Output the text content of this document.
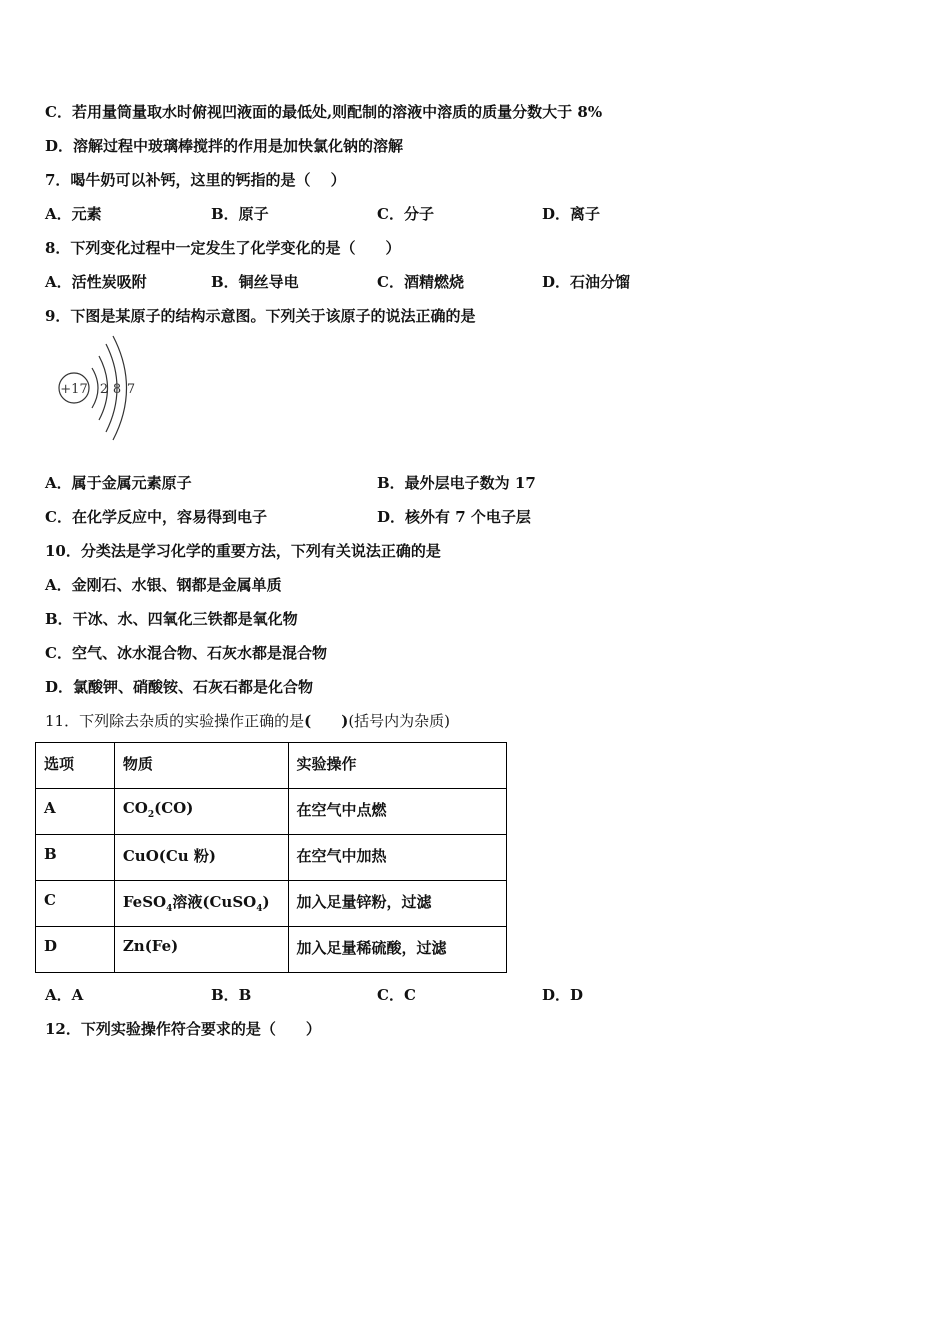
C．若用量筒量取水时俯视凹液面的最低处,则配制的溶液中溶质的质量分数大于 8%
D．溶解过程中玻璃棒搅拌的作用是加快氯化钠的溶解
7．喝牛奶可以补钙，这里的钙指的是（　 ）
A．元素	B．原子	C．分子	D．离子
8．下列变化过程中一定发生了化学变化的是（　　）
A．活性炭吸附	B．铜丝导电	C．酒精燃烧	D．石油分馏
9．下图是某原子的结构示意图。下列关于该原子的说法正确的是
+17 2 8 7
A．属于金属元素原子	B．最外层电子数为 17
C．在化学反应中，容易得到电子	D．核外有 7 个电子层
10．分类法是学习化学的重要方法，下列有关说法正确的是
A．金刚石、水银、钢都是金属单质
B．干冰、水、四氧化三铁都是氧化物
C．空气、冰水混合物、石灰水都是混合物
D．氯酸钾、硝酸铵、石灰石都是化合物
11．下列除去杂质的实验操作正确的是(　　)(括号内为杂质)
选项	物质	实验操作
A	$CO_2(CO)$	在空气中点燃
B	CuO(Cu 粉)	在空气中加热
C	FeSO$_4$溶液(CuSO$_4$)	加入足量锌粉，过滤
D	Zn(Fe)	加入足量稀硫酸，过滤
A．A	B．B	C．C	D．D
12．下列实验操作符合要求的是（　　）
